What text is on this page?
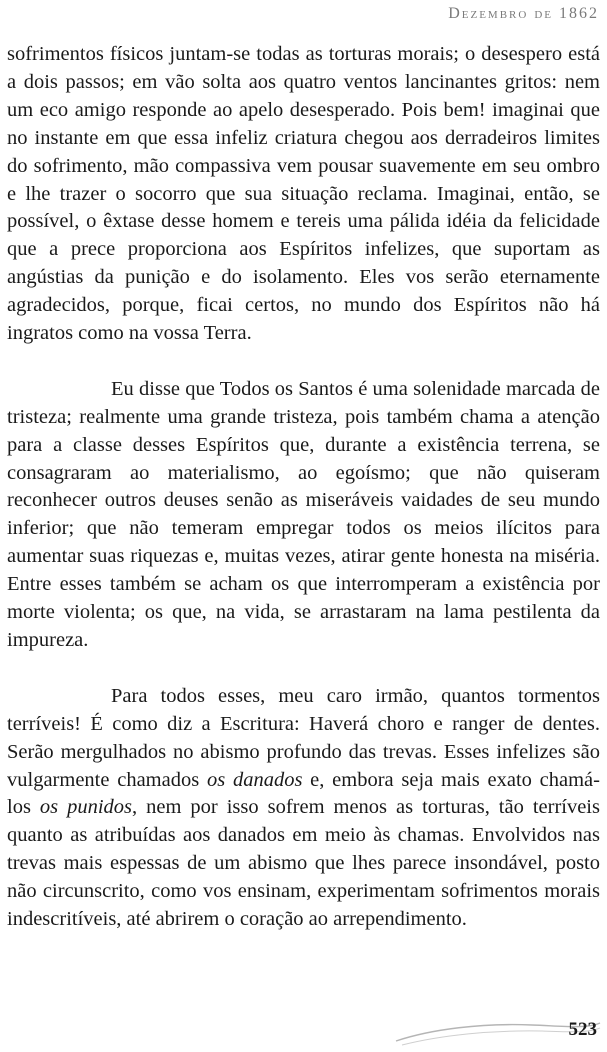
Dezembro de 1862

sofrimentos físicos juntam-se todas as torturas morais; o desespero está a dois passos; em vão solta aos quatro ventos lancinantes gritos: nem um eco amigo responde ao apelo desesperado. Pois bem! imaginai que no instante em que essa infeliz criatura chegou aos derradeiros limites do sofrimento, mão compassiva vem pousar suavemente em seu ombro e lhe trazer o socorro que sua situação reclama. Imaginai, então, se possível, o êxtase desse homem e tereis uma pálida idéia da felicidade que a prece proporciona aos Espíritos infelizes, que suportam as angústias da punição e do isolamento. Eles vos serão eternamente agradecidos, porque, ficai certos, no mundo dos Espíritos não há ingratos como na vossa Terra.

Eu disse que Todos os Santos é uma solenidade marcada de tristeza; realmente uma grande tristeza, pois também chama a atenção para a classe desses Espíritos que, durante a existência terrena, se consagraram ao materialismo, ao egoísmo; que não quiseram reconhecer outros deuses senão as miseráveis vaidades de seu mundo inferior; que não temeram empregar todos os meios ilícitos para aumentar suas riquezas e, muitas vezes, atirar gente honesta na miséria. Entre esses também se acham os que interromperam a existência por morte violenta; os que, na vida, se arrastaram na lama pestilenta da impureza.

Para todos esses, meu caro irmão, quantos tormentos terríveis! É como diz a Escritura: Haverá choro e ranger de dentes. Serão mergulhados no abismo profundo das trevas. Esses infelizes são vulgarmente chamados os danados e, embora seja mais exato chamá-los os punidos, nem por isso sofrem menos as torturas, tão terríveis quanto as atribuídas aos danados em meio às chamas. Envolvidos nas trevas mais espessas de um abismo que lhes parece insondável, posto não circunscrito, como vos ensinam, experimentam sofrimentos morais indescritíveis, até abrirem o coração ao arrependimento.

523
